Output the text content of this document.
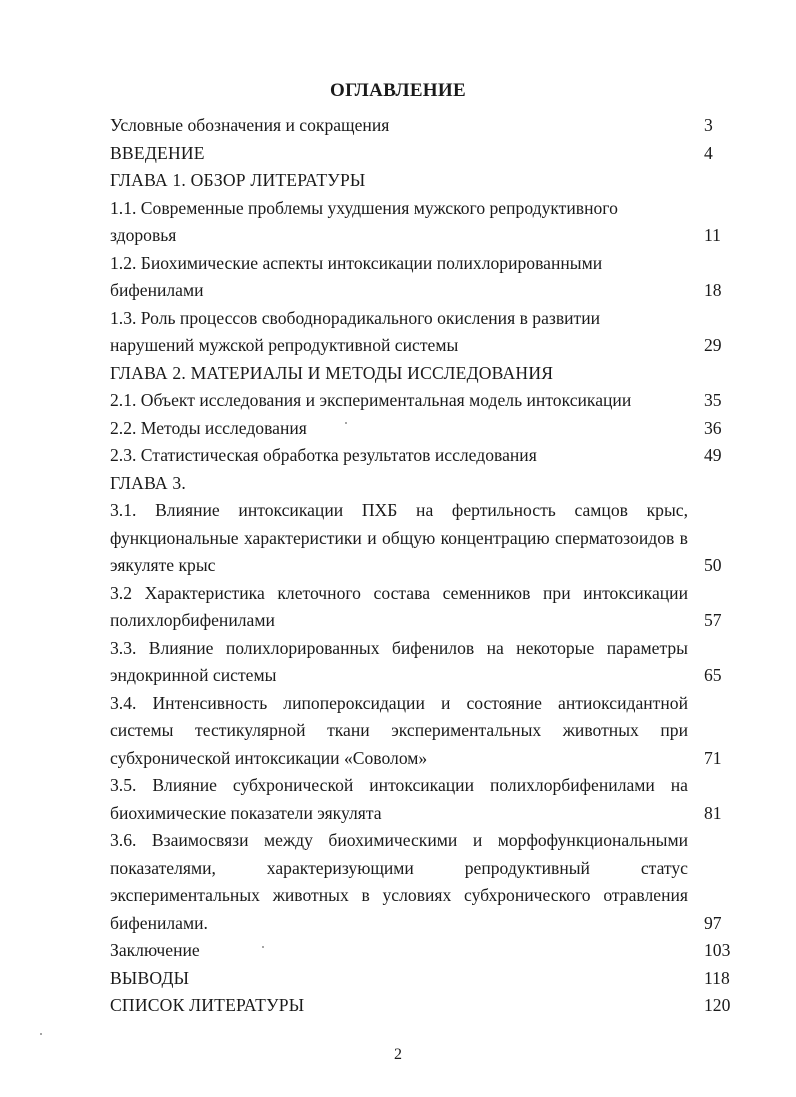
ОГЛАВЛЕНИЕ
Условные обозначения и сокращения	3
ВВЕДЕНИЕ	4
ГЛАВА 1. ОБЗОР ЛИТЕРАТУРЫ
1.1. Современные проблемы ухудшения мужского репродуктивного здоровья	11
1.2. Биохимические аспекты интоксикации полихлорированными бифенилами	18
1.3. Роль процессов свободнорадикального окисления в развитии нарушений мужской репродуктивной системы	29
ГЛАВА 2. МАТЕРИАЛЫ И МЕТОДЫ ИССЛЕДОВАНИЯ
2.1. Объект исследования и экспериментальная модель интоксикации	35
2.2. Методы исследования	36
2.3. Статистическая обработка результатов исследования	49
ГЛАВА 3.
3.1. Влияние интоксикации ПХБ на фертильность самцов крыс, функциональные характеристики и общую концентрацию сперматозоидов в эякуляте крыс	50
3.2 Характеристика клеточного состава семенников при интоксикации полихлорбифенилами	57
3.3. Влияние полихлорированных бифенилов на некоторые параметры эндокринной системы	65
3.4. Интенсивность липопероксидации и состояние антиоксидантной системы тестикулярной ткани экспериментальных животных при субхронической интоксикации «Соволом»	71
3.5. Влияние субхронической интоксикации полихлорбифенилами на биохимические показатели эякулята	81
3.6. Взаимосвязи между биохимическими и морфофункциональными показателями, характеризующими репродуктивный статус экспериментальных животных в условиях субхронического отравления бифенилами.	97
Заключение	103
ВЫВОДЫ	118
СПИСОК ЛИТЕРАТУРЫ	120
2
